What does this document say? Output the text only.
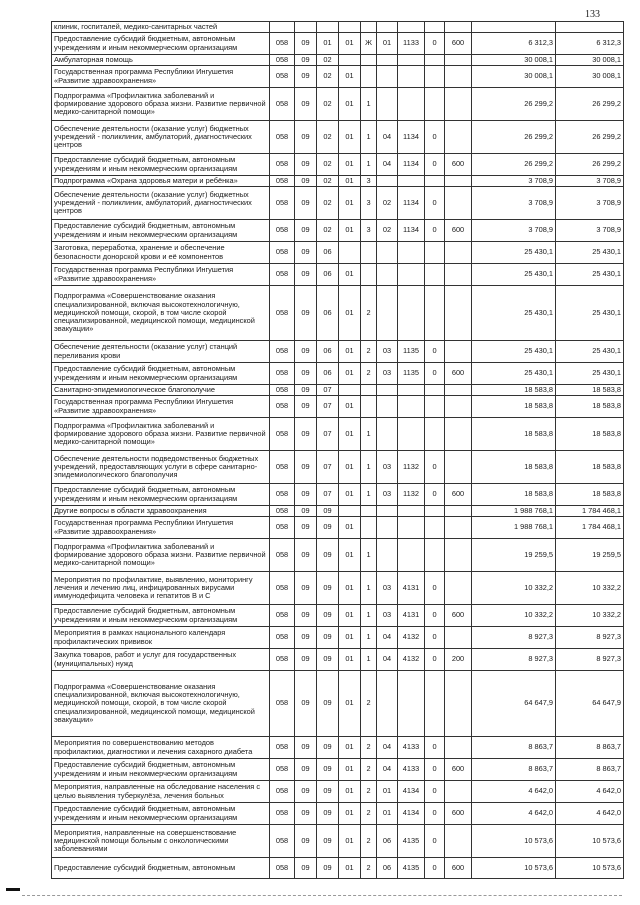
133
клиник, госпиталей, медико-санитарных частей											
Предоставление субсидий бюджетным, автономным учреждениям и иным некоммерческим организациям	058	09	01	01	Ж	01	1133	0	600	6 312,3	6 312,3
Амбулаторная помощь	058	09	02							30 008,1	30 008,1
Государственная программа Республики Ингушетия «Развитие здравоохранения»	058	09	02	01						30 008,1	30 008,1
Подпрограмма «Профилактика заболеваний и формирование здорового образа жизни. Развитие первичной медико-санитарной помощи»	058	09	02	01	1					26 299,2	26 299,2
Обеспечение деятельности (оказание услуг) бюджетных учреждений - поликлиник, амбулаторий, диагностических центров	058	09	02	01	1	04	1134	0		26 299,2	26 299,2
Предоставление субсидий бюджетным, автономным учреждениям и иным некоммерческим организациям	058	09	02	01	1	04	1134	0	600	26 299,2	26 299,2
Подпрограмма «Охрана здоровья матери и ребёнка»	058	09	02	01	3					3 708,9	3 708,9
Обеспечение деятельности (оказание услуг) бюджетных учреждений - поликлиник, амбулаторий, диагностических центров	058	09	02	01	3	02	1134	0		3 708,9	3 708,9
Предоставление субсидий бюджетным, автономным учреждениям и иным некоммерческим организациям	058	09	02	01	3	02	1134	0	600	3 708,9	3 708,9
Заготовка, переработка, хранение и обеспечение безопасности донорской крови и её компонентов	058	09	06							25 430,1	25 430,1
Государственная программа Республики Ингушетия «Развитие здравоохранения»	058	09	06	01						25 430,1	25 430,1
Подпрограмма «Совершенствование оказания специализированной, включая высокотехнологичную, медицинской помощи, скорой, в том числе скорой специализированной, медицинской помощи, медицинской эвакуации»	058	09	06	01	2					25 430,1	25 430,1
Обеспечение деятельности (оказание услуг) станций переливания крови	058	09	06	01	2	03	1135	0		25 430,1	25 430,1
Предоставление субсидий бюджетным, автономным учреждениям и иным некоммерческим организациям	058	09	06	01	2	03	1135	0	600	25 430,1	25 430,1
Санитарно-эпидемиологическое благополучие	058	09	07							18 583,8	18 583,8
Государственная программа Республики Ингушетия «Развитие здравоохранения»	058	09	07	01						18 583,8	18 583,8
Подпрограмма «Профилактика заболеваний и формирование здорового образа жизни. Развитие первичной медико-санитарной помощи»	058	09	07	01	1					18 583,8	18 583,8
Обеспечение деятельности подведомственных бюджетных учреждений, предоставляющих услуги в сфере санитарно-эпидемиологического благополучия	058	09	07	01	1	03	1132	0		18 583,8	18 583,8
Предоставление субсидий бюджетным, автономным учреждениям и иным некоммерческим организациям	058	09	07	01	1	03	1132	0	600	18 583,8	18 583,8
Другие вопросы в области здравоохранения	058	09	09							1 988 768,1	1 784 468,1
Государственная программа Республики Ингушетия «Развитие здравоохранения»	058	09	09	01						1 988 768,1	1 784 468,1
Подпрограмма «Профилактика заболеваний и формирование здорового образа жизни. Развитие первичной медико-санитарной помощи»	058	09	09	01	1					19 259,5	19 259,5
Мероприятия по профилактике, выявлению, мониторингу лечения и лечению лиц, инфицированных вирусами иммунодефицита человека и гепатитов В и С	058	09	09	01	1	03	4131	0		10 332,2	10 332,2
Предоставление субсидий бюджетным, автономным учреждениям и иным некоммерческим организациям	058	09	09	01	1	03	4131	0	600	10 332,2	10 332,2
Мероприятия в рамках национального календаря профилактических прививок	058	09	09	01	1	04	4132	0		8 927,3	8 927,3
Закупка товаров, работ и услуг для государственных (муниципальных) нужд	058	09	09	01	1	04	4132	0	200	8 927,3	8 927,3
Подпрограмма «Совершенствование оказания специализированной, включая высокотехнологичную, медицинской помощи, скорой, в том числе скорой специализированной, медицинской помощи, медицинской эвакуации»	058	09	09	01	2					64 647,9	64 647,9
Мероприятия по совершенствованию методов профилактики, диагностики и лечения сахарного диабета	058	09	09	01	2	04	4133	0		8 863,7	8 863,7
Предоставление субсидий бюджетным, автономным учреждениям и иным некоммерческим организациям	058	09	09	01	2	04	4133	0	600	8 863,7	8 863,7
Мероприятия, направленные на обследование населения с целью выявления туберкулёза, лечения больных	058	09	09	01	2	01	4134	0		4 642,0	4 642,0
Предоставление субсидий бюджетным, автономным учреждениям и иным некоммерческим организациям	058	09	09	01	2	01	4134	0	600	4 642,0	4 642,0
Мероприятия, направленные на совершенствование медицинской помощи больным с онкологическими заболеваниями	058	09	09	01	2	06	4135	0		10 573,6	10 573,6
Предоставление субсидий бюджетным, автономным	058	09	09	01	2	06	4135	0	600	10 573,6	10 573,6
